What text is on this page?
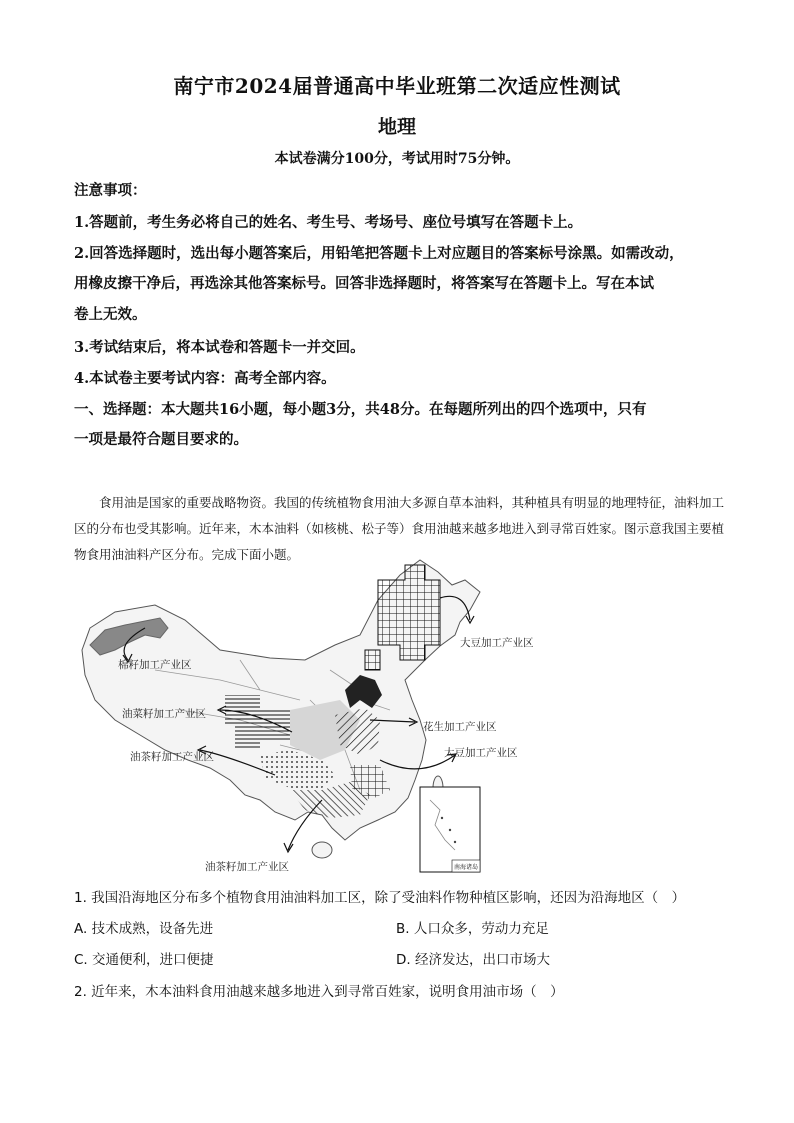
南宁市2024届普通高中毕业班第二次适应性测试
地理
本试卷满分100分，考试用时75分钟。
注意事项：
1.答题前，考生务必将自己的姓名、考生号、考场号、座位号填写在答题卡上。
2.回答选择题时，选出每小题答案后，用铅笔把答题卡上对应题目的答案标号涂黑。如需改动，
用橡皮擦干净后，再选涂其他答案标号。回答非选择题时，将答案写在答题卡上。写在本试
卷上无效。
3.考试结束后，将本试卷和答题卡一并交回。
4.本试卷主要考试内容：高考全部内容。
一、选择题：本大题共16小题，每小题3分，共48分。在每题所列出的四个选项中，只有
一项是最符合题目要求的。
食用油是国家的重要战略物资。我国的传统植物食用油大多源自草本油料，其种植具有明显的地理特征，油料加工区的分布也受其影响。近年来，木本油料（如核桃、松子等）食用油越来越多地进入到寻常百姓家。图示意我国主要植物食用油油料产区分布。完成下面小题。
大豆加工产业区
棉籽加工产业区
油菜籽加工产业区
花生加工产业区
大豆加工产业区
油茶籽加工产业区
油茶籽加工产业区	南海诸岛
1. 我国沿海地区分布多个植物食用油油料加工区，除了受油料作物种植区影响，还因为沿海地区（　）
A. 技术成熟，设备先进	B. 人口众多，劳动力充足
C. 交通便利，进口便捷	D. 经济发达，出口市场大
2. 近年来，木本油料食用油越来越多地进入到寻常百姓家，说明食用油市场（　）
